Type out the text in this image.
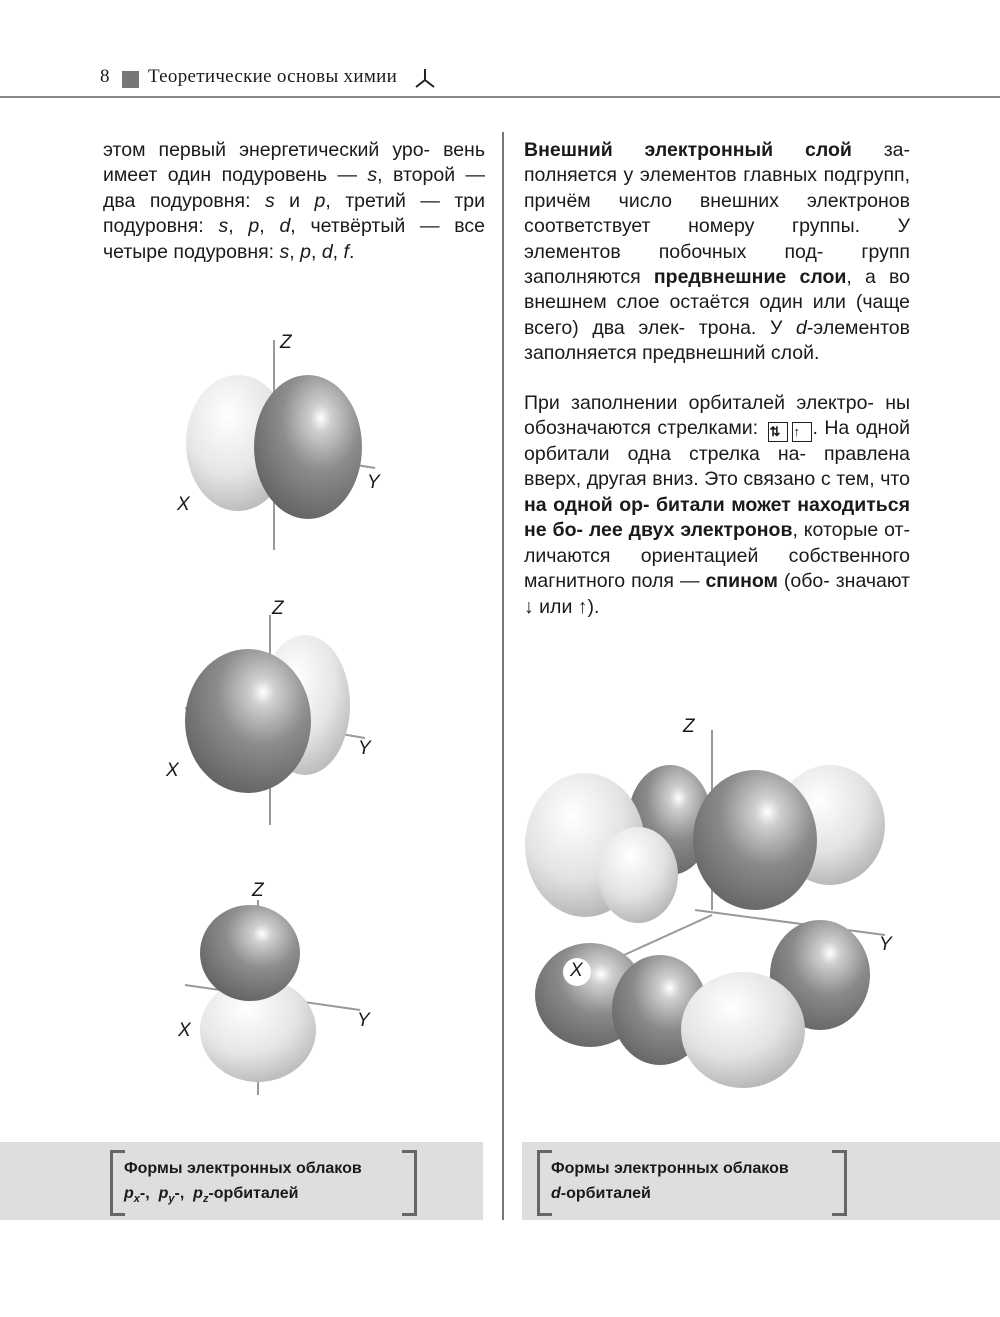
8 Теоретические основы химии

этом первый энергетический уро- вень имеет один подуровень — s, второй — два подуровня: s и p, третий — три подуровня: s, p, d, четвёртый — все четыре подуровня: s, p, d, f.

Внешний электронный слой за- полняется у элементов главных подгрупп, причём число внешних электронов соответствует номеру группы. У элементов побочных под- групп заполняются предвнешние слои, а во внешнем слое остаётся один или (чаще всего) два элек- трона. У d-элементов заполняется предвнешний слой.

При заполнении орбиталей электро- ны обозначаются стрелками: ⇅ ↑ . На одной орбитали одна стрелка на- правлена вверх, другая вниз. Это связано с тем, что на одной ор- битали может находиться не бо- лее двух электронов, которые от- личаются ориентацией собственного магнитного поля — спином (обо- значают ↓ или ↑).

Z
X
Y
Z
X
Y
Z
X	Y
Z
X
Y
Формы электронных облаков
$p_x-$, $p_y-$, $p_z$-орбиталей
Формы электронных облаков
d-орбиталей
